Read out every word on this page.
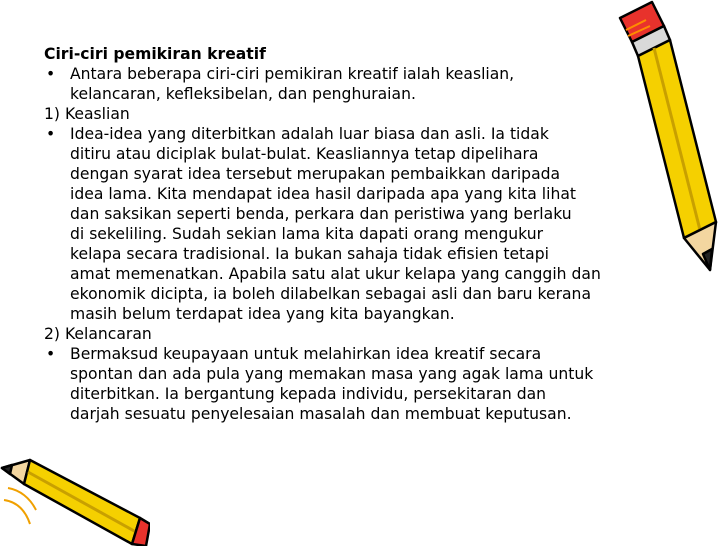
Ciri-ciri pemikiran kreatif
• Antara beberapa ciri-ciri pemikiran kreatif ialah keaslian,
kelancaran, kefleksibelan, dan penghuraian.
1) Keaslian
• Idea-idea yang diterbitkan adalah luar biasa dan asli. Ia tidak
ditiru atau diciplak bulat-bulat. Keasliannya tetap dipelihara
dengan syarat idea tersebut merupakan pembaikkan daripada
idea lama. Kita mendapat idea hasil daripada apa yang kita lihat
dan saksikan seperti benda, perkara dan peristiwa yang berlaku
di sekeliling. Sudah sekian lama kita dapati orang mengukur
kelapa secara tradisional. Ia bukan sahaja tidak efisien tetapi
amat memenatkan. Apabila satu alat ukur kelapa yang canggih dan
ekonomik dicipta, ia boleh dilabelkan sebagai asli dan baru kerana
masih belum terdapat idea yang kita bayangkan.
2) Kelancaran
• Bermaksud keupayaan untuk melahirkan idea kreatif secara
spontan dan ada pula yang memakan masa yang agak lama untuk
diterbitkan. Ia bergantung kepada individu, persekitaran dan
darjah sesuatu penyelesaian masalah dan membuat keputusan.
